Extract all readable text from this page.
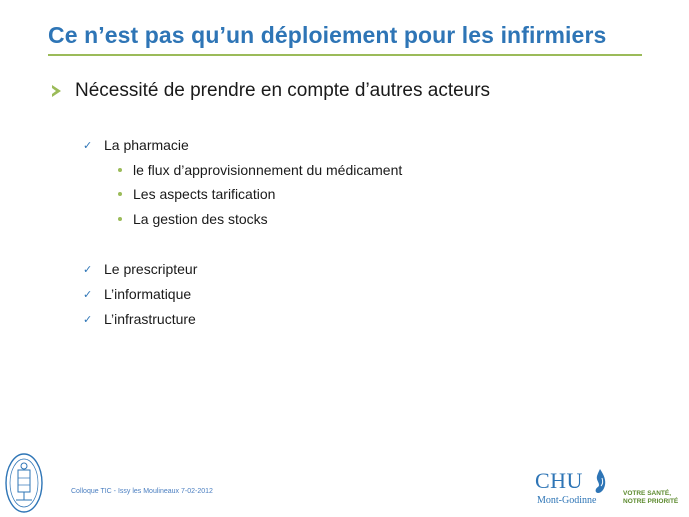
Ce n’est pas qu’un déploiement pour les infirmiers
Nécessité de prendre en compte d’autres acteurs
✓ La pharmacie
le flux d’approvisionnement du médicament
Les aspects tarification
La gestion des stocks
✓ Le prescripteur
✓ L’informatique
✓ L’infrastructure
Colloque TIC - Issy les Moulineaux 7-02-2012	CHU
Mont-Godinne
VOTRE SANTÉ,
NOTRE PRIORITÉ
